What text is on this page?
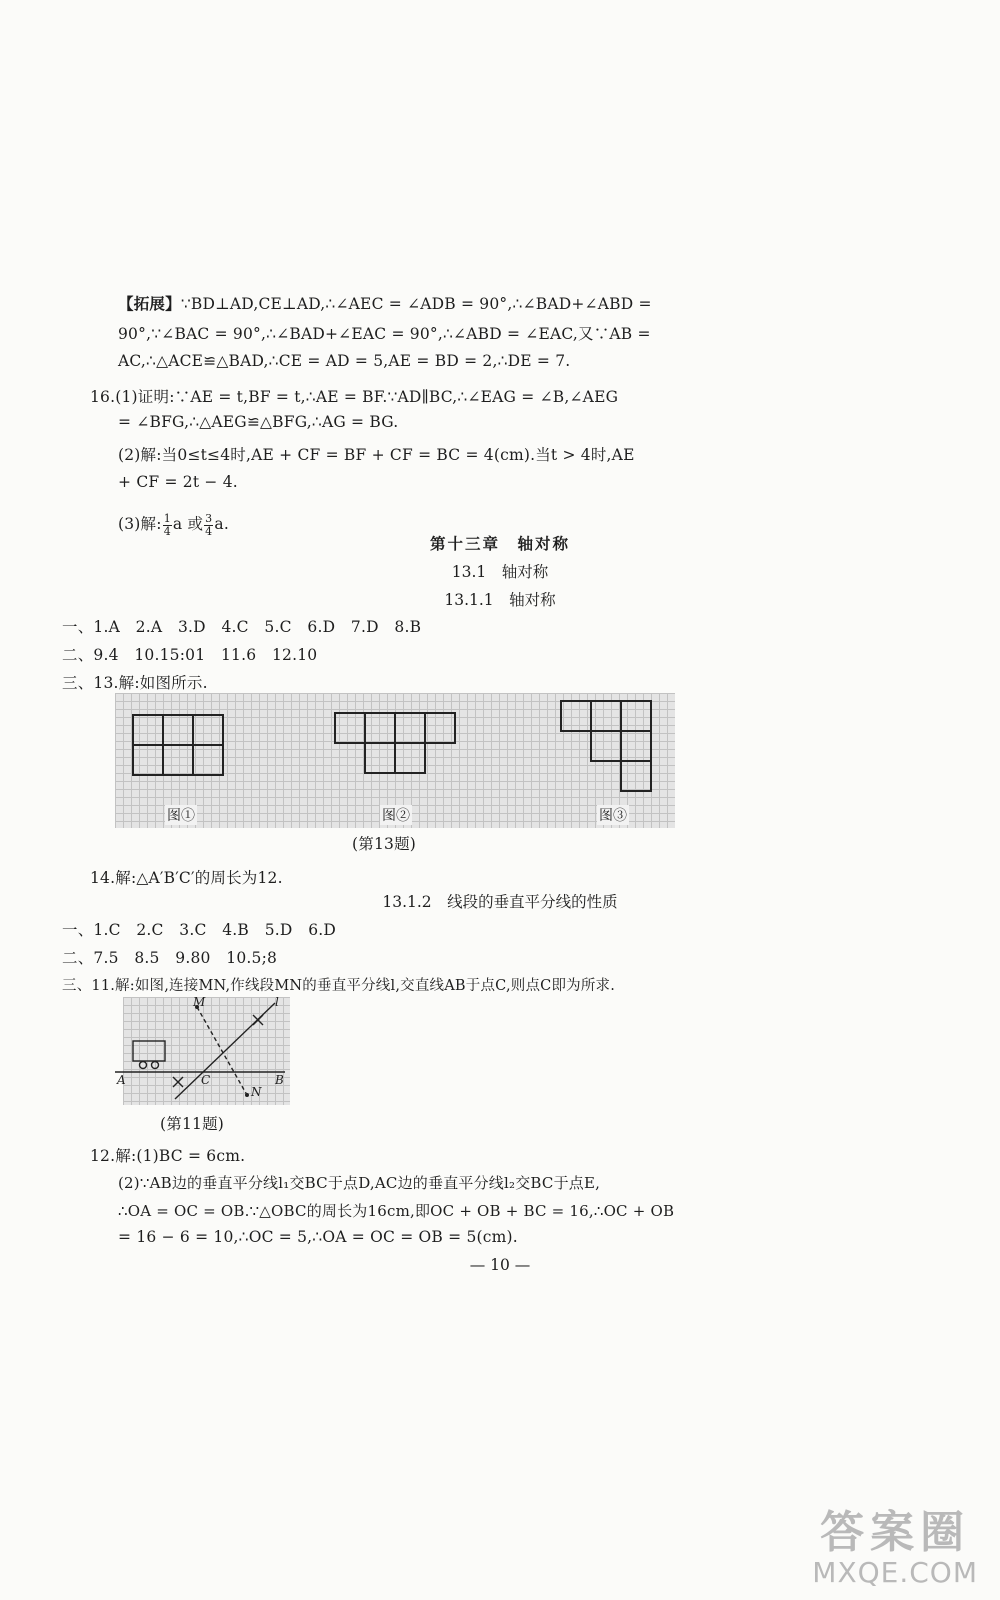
【拓展】∵BD⊥AD,CE⊥AD,∴∠AEC = ∠ADB = 90°,∴∠BAD+∠ABD =
90°,∵∠BAC = 90°,∴∠BAD+∠EAC = 90°,∴∠ABD = ∠EAC,又∵AB =
AC,∴△ACE≌△BAD,∴CE = AD = 5,AE = BD = 2,∴DE = 7.
16.(1)证明:∵AE = t,BF = t,∴AE = BF.∵AD∥BC,∴∠EAG = ∠B,∠AEG
= ∠BFG,∴△AEG≌△BFG,∴AG = BG.
(2)解:当0≤t≤4时,AE + CF = BF + CF = BC = 4(cm).当t > 4时,AE
+ CF = 2t − 4.
(3)解: $\frac{1}{4}$ a 或 $\frac{3}{4} a$.
第十三章　轴对称
13.1　轴对称
13.1.1　轴对称
一、1.A　2.A　3.D　4.C　5.C　6.D　7.D　8.B
二、9.4　10.15:01　11.6　12.10
三、13.解:如图所示.
图①	图②	图③
(第13题)
14.解:△A′B′C′的周长为12.
13.1.2　线段的垂直平分线的性质
一、1.C　2.C　3.C　4.B　5.D　6.D
二、7.5　8.5　9.80　10.5;8
三、11.解:如图,连接MN,作线段MN的垂直平分线l,交直线AB于点C,则点C即为所求.
M
N
l
A	B
C
(第11题)
12.解:(1)BC = 6cm.
(2)∵AB边的垂直平分线l₁交BC于点D,AC边的垂直平分线l₂交BC于点E,
∴OA = OC = OB.∵△OBC的周长为16cm,即OC + OB + BC = 16,∴OC + OB
= 16 − 6 = 10,∴OC = 5,∴OA = OC = OB = 5(cm).
— 10 —
答案圈
MXQE.COM
